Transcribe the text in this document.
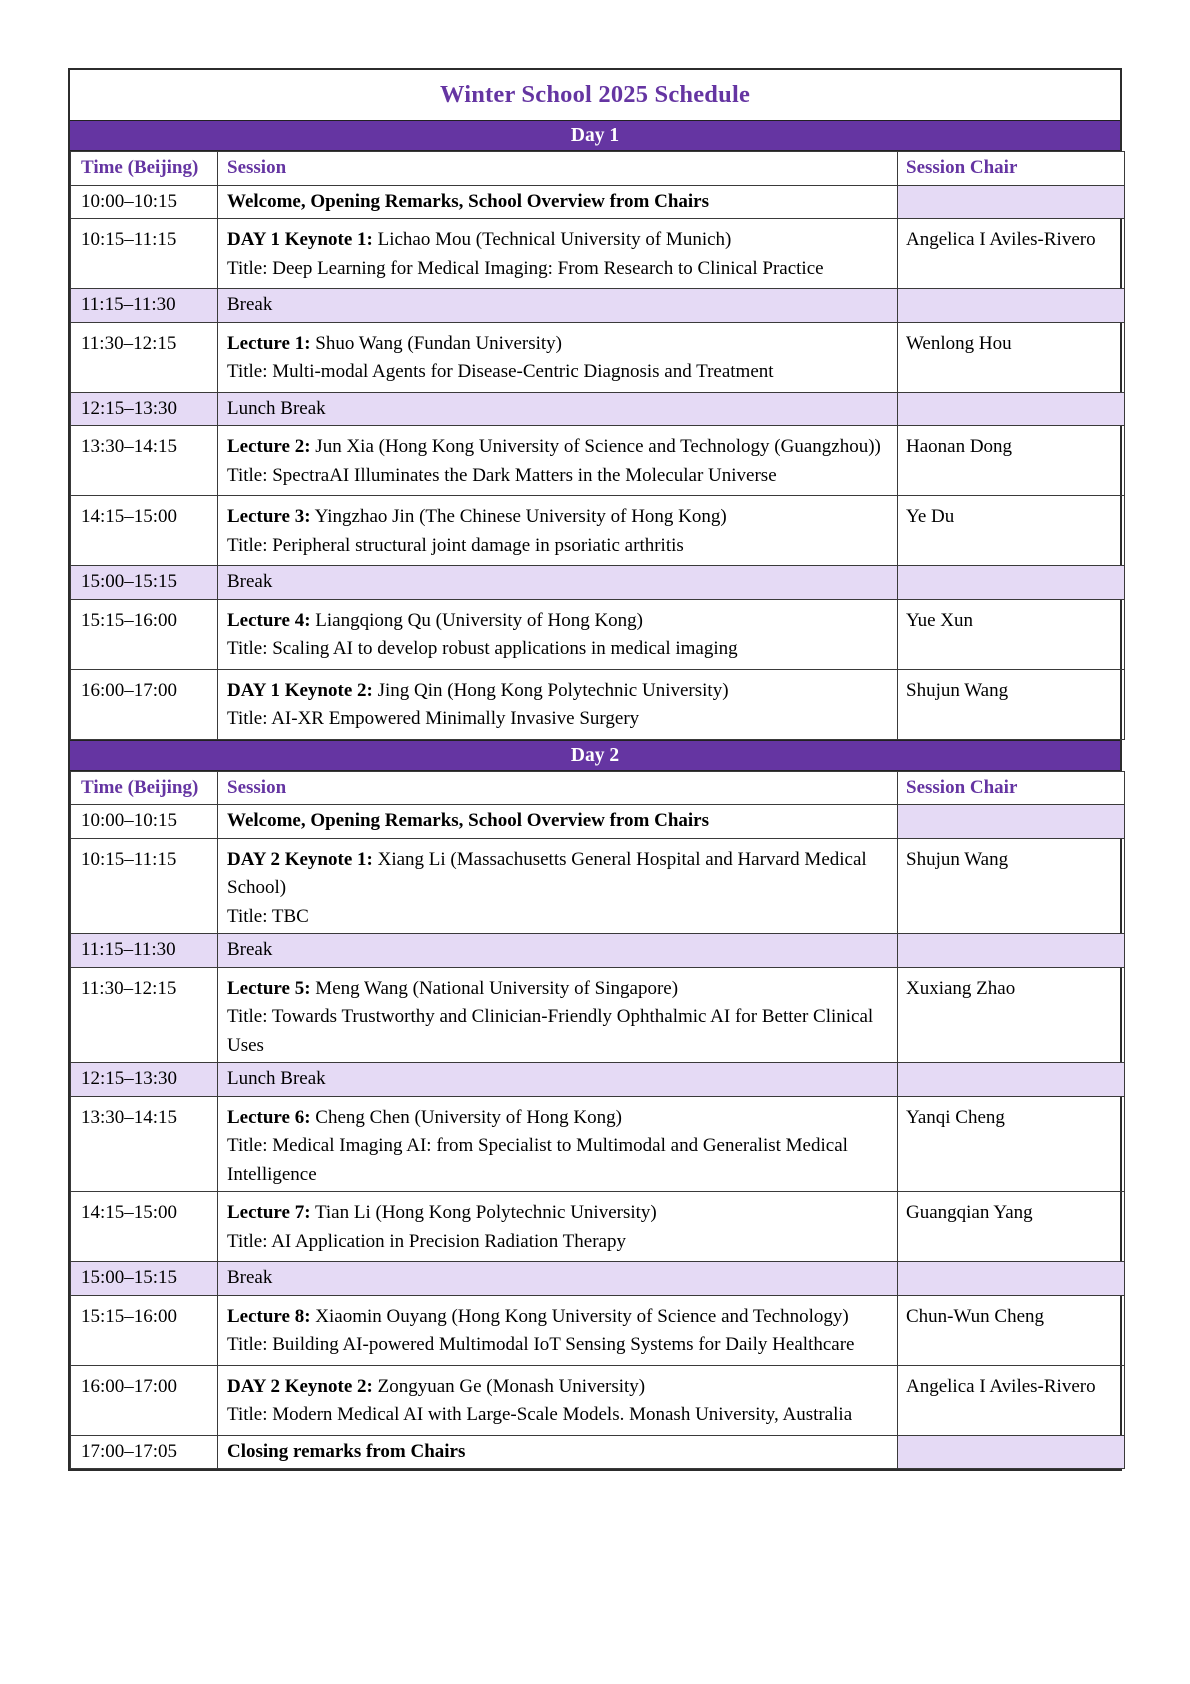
Winter School 2025 Schedule
Day 1
Time (Beijing)	Session	Session Chair
10:00–10:15	Welcome, Opening Remarks, School Overview from Chairs	
10:15–11:15	DAY 1 Keynote 1: Lichao Mou (Technical University of Munich)
Title: Deep Learning for Medical Imaging: From Research to Clinical Practice	Angelica I Aviles-Rivero
11:15–11:30	Break	
11:30–12:15	Lecture 1: Shuo Wang (Fundan University)
Title: Multi-modal Agents for Disease-Centric Diagnosis and Treatment	Wenlong Hou
12:15–13:30	Lunch Break	
13:30–14:15	Lecture 2: Jun Xia (Hong Kong University of Science and Technology (Guangzhou))
Title: SpectraAI Illuminates the Dark Matters in the Molecular Universe	Haonan Dong
14:15–15:00	Lecture 3: Yingzhao Jin (The Chinese University of Hong Kong)
Title: Peripheral structural joint damage in psoriatic arthritis	Ye Du
15:00–15:15	Break	
15:15–16:00	Lecture 4: Liangqiong Qu (University of Hong Kong)
Title: Scaling AI to develop robust applications in medical imaging	Yue Xun
16:00–17:00	DAY 1 Keynote 2: Jing Qin (Hong Kong Polytechnic University)
Title: AI-XR Empowered Minimally Invasive Surgery	Shujun Wang
Day 2
Time (Beijing)	Session	Session Chair
10:00–10:15	Welcome, Opening Remarks, School Overview from Chairs	
10:15–11:15	DAY 2 Keynote 1: Xiang Li (Massachusetts General Hospital and Harvard Medical School)
Title: TBC	Shujun Wang
11:15–11:30	Break	
11:30–12:15	Lecture 5: Meng Wang (National University of Singapore)
Title: Towards Trustworthy and Clinician-Friendly Ophthalmic AI for Better Clinical Uses	Xuxiang Zhao
12:15–13:30	Lunch Break	
13:30–14:15	Lecture 6: Cheng Chen (University of Hong Kong)
Title: Medical Imaging AI: from Specialist to Multimodal and Generalist Medical Intelligence	Yanqi Cheng
14:15–15:00	Lecture 7: Tian Li (Hong Kong Polytechnic University)
Title: AI Application in Precision Radiation Therapy	Guangqian Yang
15:00–15:15	Break	
15:15–16:00	Lecture 8: Xiaomin Ouyang (Hong Kong University of Science and Technology)
Title: Building AI-powered Multimodal IoT Sensing Systems for Daily Healthcare	Chun-Wun Cheng
16:00–17:00	DAY 2 Keynote 2: Zongyuan Ge (Monash University)
Title: Modern Medical AI with Large-Scale Models. Monash University, Australia	Angelica I Aviles-Rivero
17:00–17:05	Closing remarks from Chairs	
